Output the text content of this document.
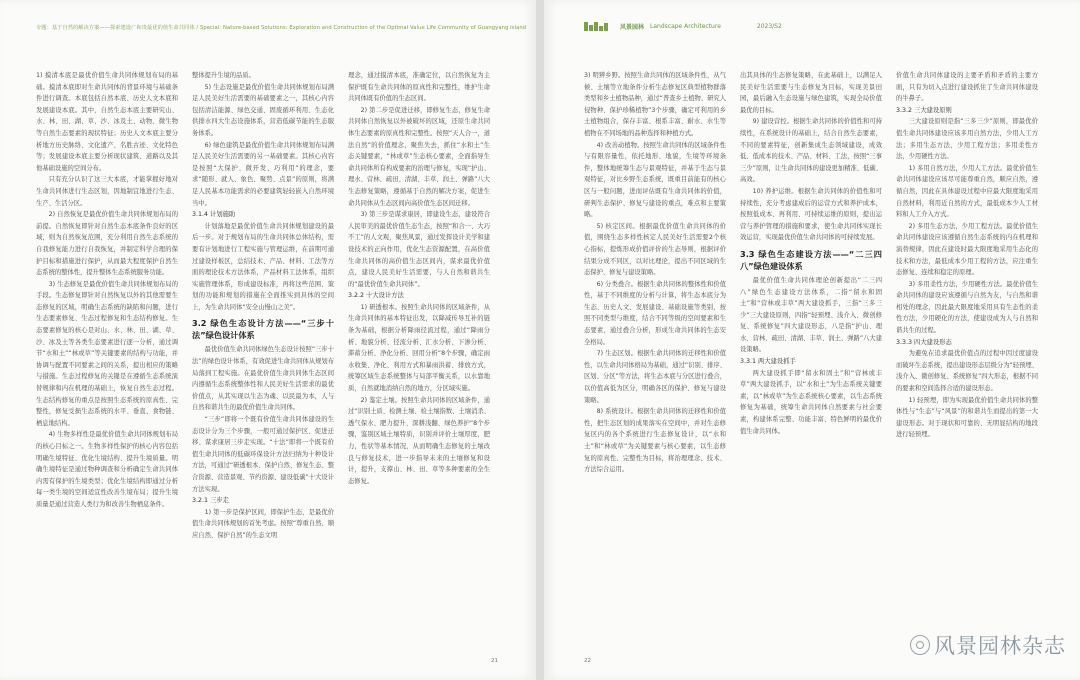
专题：基于自然的解决方案——探索建设广和贵最优的值生命共同体 / Special: Nature-based Solutions: Exploration and Construction of the Optimal Value Life Community of Guangyang Island

1) 摸清本底是最优价值生命共同体规划布局的基础。摸清本底即对生命共同体的背景环境与基础条件进行调查。本底包括自然本底、历史人文本底和发展建设本底。其中，自然生态本底主要研究山、水、林、田、湖、草、沙、冰及土、动物、微生物等自然生态要素的现状特征；历史人文本底主要分析地方历史脉络、文化遗产、名胜古迹、文化特色等；发展建设本底主要分析现状建筑、道路以及其他基础设施的空间分布。

只有充分认识了这三大本底，才能掌握好地对生命共同体进行生态区划，因地制宜地进行生态、生产、生活分区。

2) 自然恢复是最优价值生命共同体规划布局的前提。自然恢复即针对自然生态本底条件良好的区域，则为自然恢复范围，充分利用自然生态系统的自我修复能力进行自我恢复，并制定科学合理的保护目标和措施进行保护，从而最大程度保护自然生态系统的整体性，提升整体生态系统服务功能。

3) 生态修复是最优价值生命共同体规划布局的手段。生态修复即针对自然恢复以外的其他需要生态修复的区域，明确生态系统的缺陷和问题，进行生态要素修复、生态过程修复和生态结构修复。生态要素修复的核心是对山、水、林、田、湖、草、沙、冰及土等各类生态要素进行逐一分析，通过调节“水和土”“林或草”等关键要素的结构与功能，并协调与配置不同要素之间的关系，提出相应的策略与措施。生态过程修复的关键是在遵循生态系统演替规律和内在机理的基础上，恢复自然生态过程。生态结构修复的重点是按照生态系统的原真性、完整性，修复受损生态系统的水平、垂直、食物链、栖息地结构。

4) 生物多样性是最优价值生命共同体规划布局的核心目标之一。生物多样性保护的核心内容包括明确生境特征、优化生境结构、提升生境质量。明确生境特征是通过物种调查和分析确定生命共同体内需有保护的生境类型；优化生境结构即通过分析每一类生境的空间适宜性改善生境布局；提升生境质量是通过营造人类行为和改善生物栖息条件。

整体提升生境的品质。

5) 生态设施是最优价值生命共同体规划布局满足人民美好生活需要的基础要素之一，其核心内容包括清洁能源、绿色交通、固废循环利用、生态化供排水四大生态设施体系，营造低碳节能的生态服务体系。

6) 绿色建筑是最优价值生命共同体规划布局满足人民美好生活需要的另一基础要素。其核心内容是按照“大保护、微开发、巧利用”的理念，要求“随形、就人、象色、聚势、点景”的原则，将满足人民基本功能需求的必要建筑轻轻嵌入自然环境当中。

3.1.4 计划施助

计划落地是最优价值生命共同体规划建设的最后一步。对于规划布局的生命共同体总体结构，需要有计划地进行工程实施与管理运维，在前期可通过建设样板区，总结技术、产品、材料、工法等方面的理论技术方法体系，产品材料工法体系，组织实施管理体系，形成建设标准，再将这些范围、策划的功能和规划的措施在全面推实到具体的空间上，为生命共同体“安全山慢山之美”。

3.2 绿色生态设计方法——“三步十法”绿色设计体系

最优价值生命共同体绿色生态设计按照“三步十法”的绿色设计体系，有效促进生命共同体从规划布局落到工程实施。在最优价值生命共同体生态区间内遵循生态系统整体性和人民美好生活需求的最优价值点，从其实现以生态为魂、以民最为本，人与自然和谐共生的最优价值生命共同体。

“三步”即将一个既有价值生命共同体建设的生态设计分为三个步骤，一般可通过保护区、促进迁移、谋求康居三步走实现。“十法”即将一个既有价值生命共同体的低碳环保设计方法归纳为十种设计方法，可通过“研透根本、保护自然、修复生态、整合资源、营造景观、节约资源、建设低碳”十大设计方法实现。

3.2.1 三步走

1) 第一步是保护区间，即保护生态，是最优价值生命共同体规划的首先考虑。按照“尊重自然、顺应自然、保护自然”的生态文明

理念，通过摸清本底，准确定位，以自然恢复为主保护既有生命共同体的原真性和完整性，维护生命共同体既有价值的生态区间。

2) 第二步是促进迁移，即修复生态，修复生命共同体自然恢复以外被破坏的区域，还原生命共同体生态要素的原真性和完整性。按照“天人合一，道法自然”的价值理念，聚焦失去，抓住“水和土”生态关键要素，“林或草”生态核心要素，全面指导生命共同体所有构成要素的治理与修复，实现“护山、理水、营林、疏田、清湖、丰草、润土、弹路”八大生态修复策略，遵循基于自然的解决方案，促进生命共同体从生态区间向高价值生态区间迁移。

3) 第三步是谋求康居，即建设生态，建设符合人民审美的最优价值生态生态，按照“和合一、大巧不工”的人文观，聚焦风景，通过发挥设计美学和建设技术的正向作用，优化生态资源配置，在高价值生命共同体的高价值生态区间内，谋求最优价值点，建设人民美好生活需要，与人自然和谐共生的“最优价值生命共同体”。

3.2.2 十大设计方法

1) 研透根本。按照生命共同体的区域条件，从生命共同体的基本特征出发，以降减传导互补的链条为基础，根据分析降雨径流过程，通过“降雨分析、地貌分析、径流分析、汇水分析、下渗分析、滞蓄分析、净化分析、回用分析”8个步骤，确定雨水收集、净化、利用方式和暴雨洪蓄、排放方式，统筹区域生态系统整体与局部平衡关系，以水靠地质，自然就地消纳自然的地方，分区域实施。

2) 鉴定土壤。按照生命共同体的区域条件，通过“识别土质、检测土壤、检土壤指数、土壤消杀、透气保水、肥力提升、深耕浅翻、绿色养护”8个步骤，鉴别区域土壤特质，识别并评价土壤厚度，肥力，性状等基本情况，从而明确生态修复的土壤改良与修复技术，进一步指导未来的土壤修复和设计，提升，支撑山、林、田、草等多种要素的全生态修复。

21
风景园林 Landscape Architecture	2023/S2

3) 明辨乡野。按照生命共同体的区域条件性，从气候、土壤等立地条件分析生态修复区典型植物群落类型和乡土植物品种，通过“普查乡土植物、研究人侵物种、保护珍稀植物”3个步骤，确定可利用的乡土植物组合，保存丰富、根系丰富、耐水、水生等植物在不同场地的品种选择和种植方式。

4) 改善动植物。按照生命共同体的区域条件性与有限容量性，依托地形、地貌，生境等环境条件，整体地统筹生态与景观特征，并基于生态与景观特征，对比乡野生态系统，既重目前能有的核心区与一般问题，进而评估既有生命共同体的价值，研判生态保护、修复与建设的重点，难点和主要策略。

5) 核定区间。根据最优价值生命共同体的价值，围绕生态多样性核定人民美好生活需要2个核心指标，提炼形成价值评价的生态导则，根据评价结果分成不同区，以对比理论，提出不同区域的生态保护、修复与建设策略。

6) 分类叠合。根据生命共同体的整体性和价值性，基于不同维度的分析与计算，将生态本底分为生态、历史人文、发展建设、基础设施等类别，按照不同类型与维度，结合不同等级的空间要素和生态要素，通过叠合分析，形成生命共同体的生态安全格局。

7) 生态区划。根据生命共同体的迁移性和价值性，以生命共同体格局为基础，通过“识别、排序、区划、分区”等方法，将生态本底与分区进行叠合，以价值高低为区分，明确各区的保护、修复与建设策略。

8) 系统设计。根据生命共同体的迁移性和价值性，把生态区划的成果落实在空间中，并对生态修复区内的各个系统进行生态修复设计，以“水和土”和“林或草”为关键要素与核心要素，以生态修复的原真性、完整性为目标，将治理理念、技术、方法综合运用。

出其具体的生态修复策略，在此基础上，以满足人民美好生活需要与生态修复为目标，实现美景田园，最后融入生态设施与绿色建筑，实现全局价值最优的目标。

9) 建设营控。根据生命共同体的价值性和可持续性，在系统设计的基础上，结合自然生态要素，不同的要素特征，创新集成生态领域建设，成效低、低成本的技术、产品、材料、工法，按照“三事三少”原则，让生命共同体的建设更加精准、低碳、高效。

10) 养护运维。根据生命共同体的价值性和可持续性，充分考虑建成后的运营方式和养护成本，按照低成本、再利用、可持续运维的原则，提出运营与养护管理的措施和要求，使生命共同体实现长效运营，实现最优价值生命共同体的可持续发展。

3.3 绿色生态建设方法——“二三四八”绿色建设体系

最优价值生命共同体理论创新提出“二三四八”绿色生态建设方法体系，二指“留水和固土”和“营林或丰草”两大建设抓手，三指“三多三少”三大建设原则，四指“轻预埋、浅介入、微创修复、系统修复”四大建设形态，八是指“护山、理水、营林、疏田、清湖、丰草、润土、弹路”八大建设策略。

3.3.1 两大建设抓手

两大建设抓手即“留水和固土”和“营林或丰草”两大建设抓手，以“水和土”为生态系统关键要素，以“林或草”为生态系统核心要素，以生态系统修复为基础，统筹生命共同体自然要素与社会要素，构建体系完整、功能丰富、特色鲜明的最优价值生命共同体。

价值生命共同体建设的主要矛盾和矛盾的主要方面，只有为切入点进行建设抓住了生命共同体建设的牛鼻子。

3.3.2 三大建设原则

三大建设原则是指“三多三少”原则，即最优价值生命共同体建设应该多用自然方法，少用人工方法；多用生态方法，少用工程方法；多用柔性方法，少用硬性方法。

1) 多用自然方法，少用人工方法。最优价值生命共同体建设应该尽可能尊重自然，顺应自然，遵循自然，因此在具体建设过程中应最大限度地采用自然材料，利用近自然的方式，最低成本少人工材料和人工介入方式。

2) 多用生态方法，少用工程方法。最优价值生命共同体建设应该遵循自然生态系统的内在机理和演替规律，因此在建设时最大限度地采用生态化的技术和方法，最低成本少用工程的方法，应注重生态修复、连续和稳定的原理。

3) 多用柔性方法，少用硬性方法。最优价值生命共同体的建设应该遵循与自然为友，与自然和谐相处的理念，因此最大限度地采用具有生态性的柔性方法，少用硬化的方法，使建设成为人与自然和谐共生的过程。

3.3.3 四大建设形态

为避免在追求最优价值点的过程中因过度建设而破坏生态系统，提出建设形态层级分为“轻预埋、浅介入、微创修复、系统修复”四大形态，根据不同的要素和空间选择合适的建设形态。

1) 轻预埋，即为实现最优价值生命共同体的整体性与“生态”与“风景”的和谐共生而提出的第一大建设形态。对于现状和可靠的、无明显结构的地段进行轻预埋。

22
风景园林杂志
